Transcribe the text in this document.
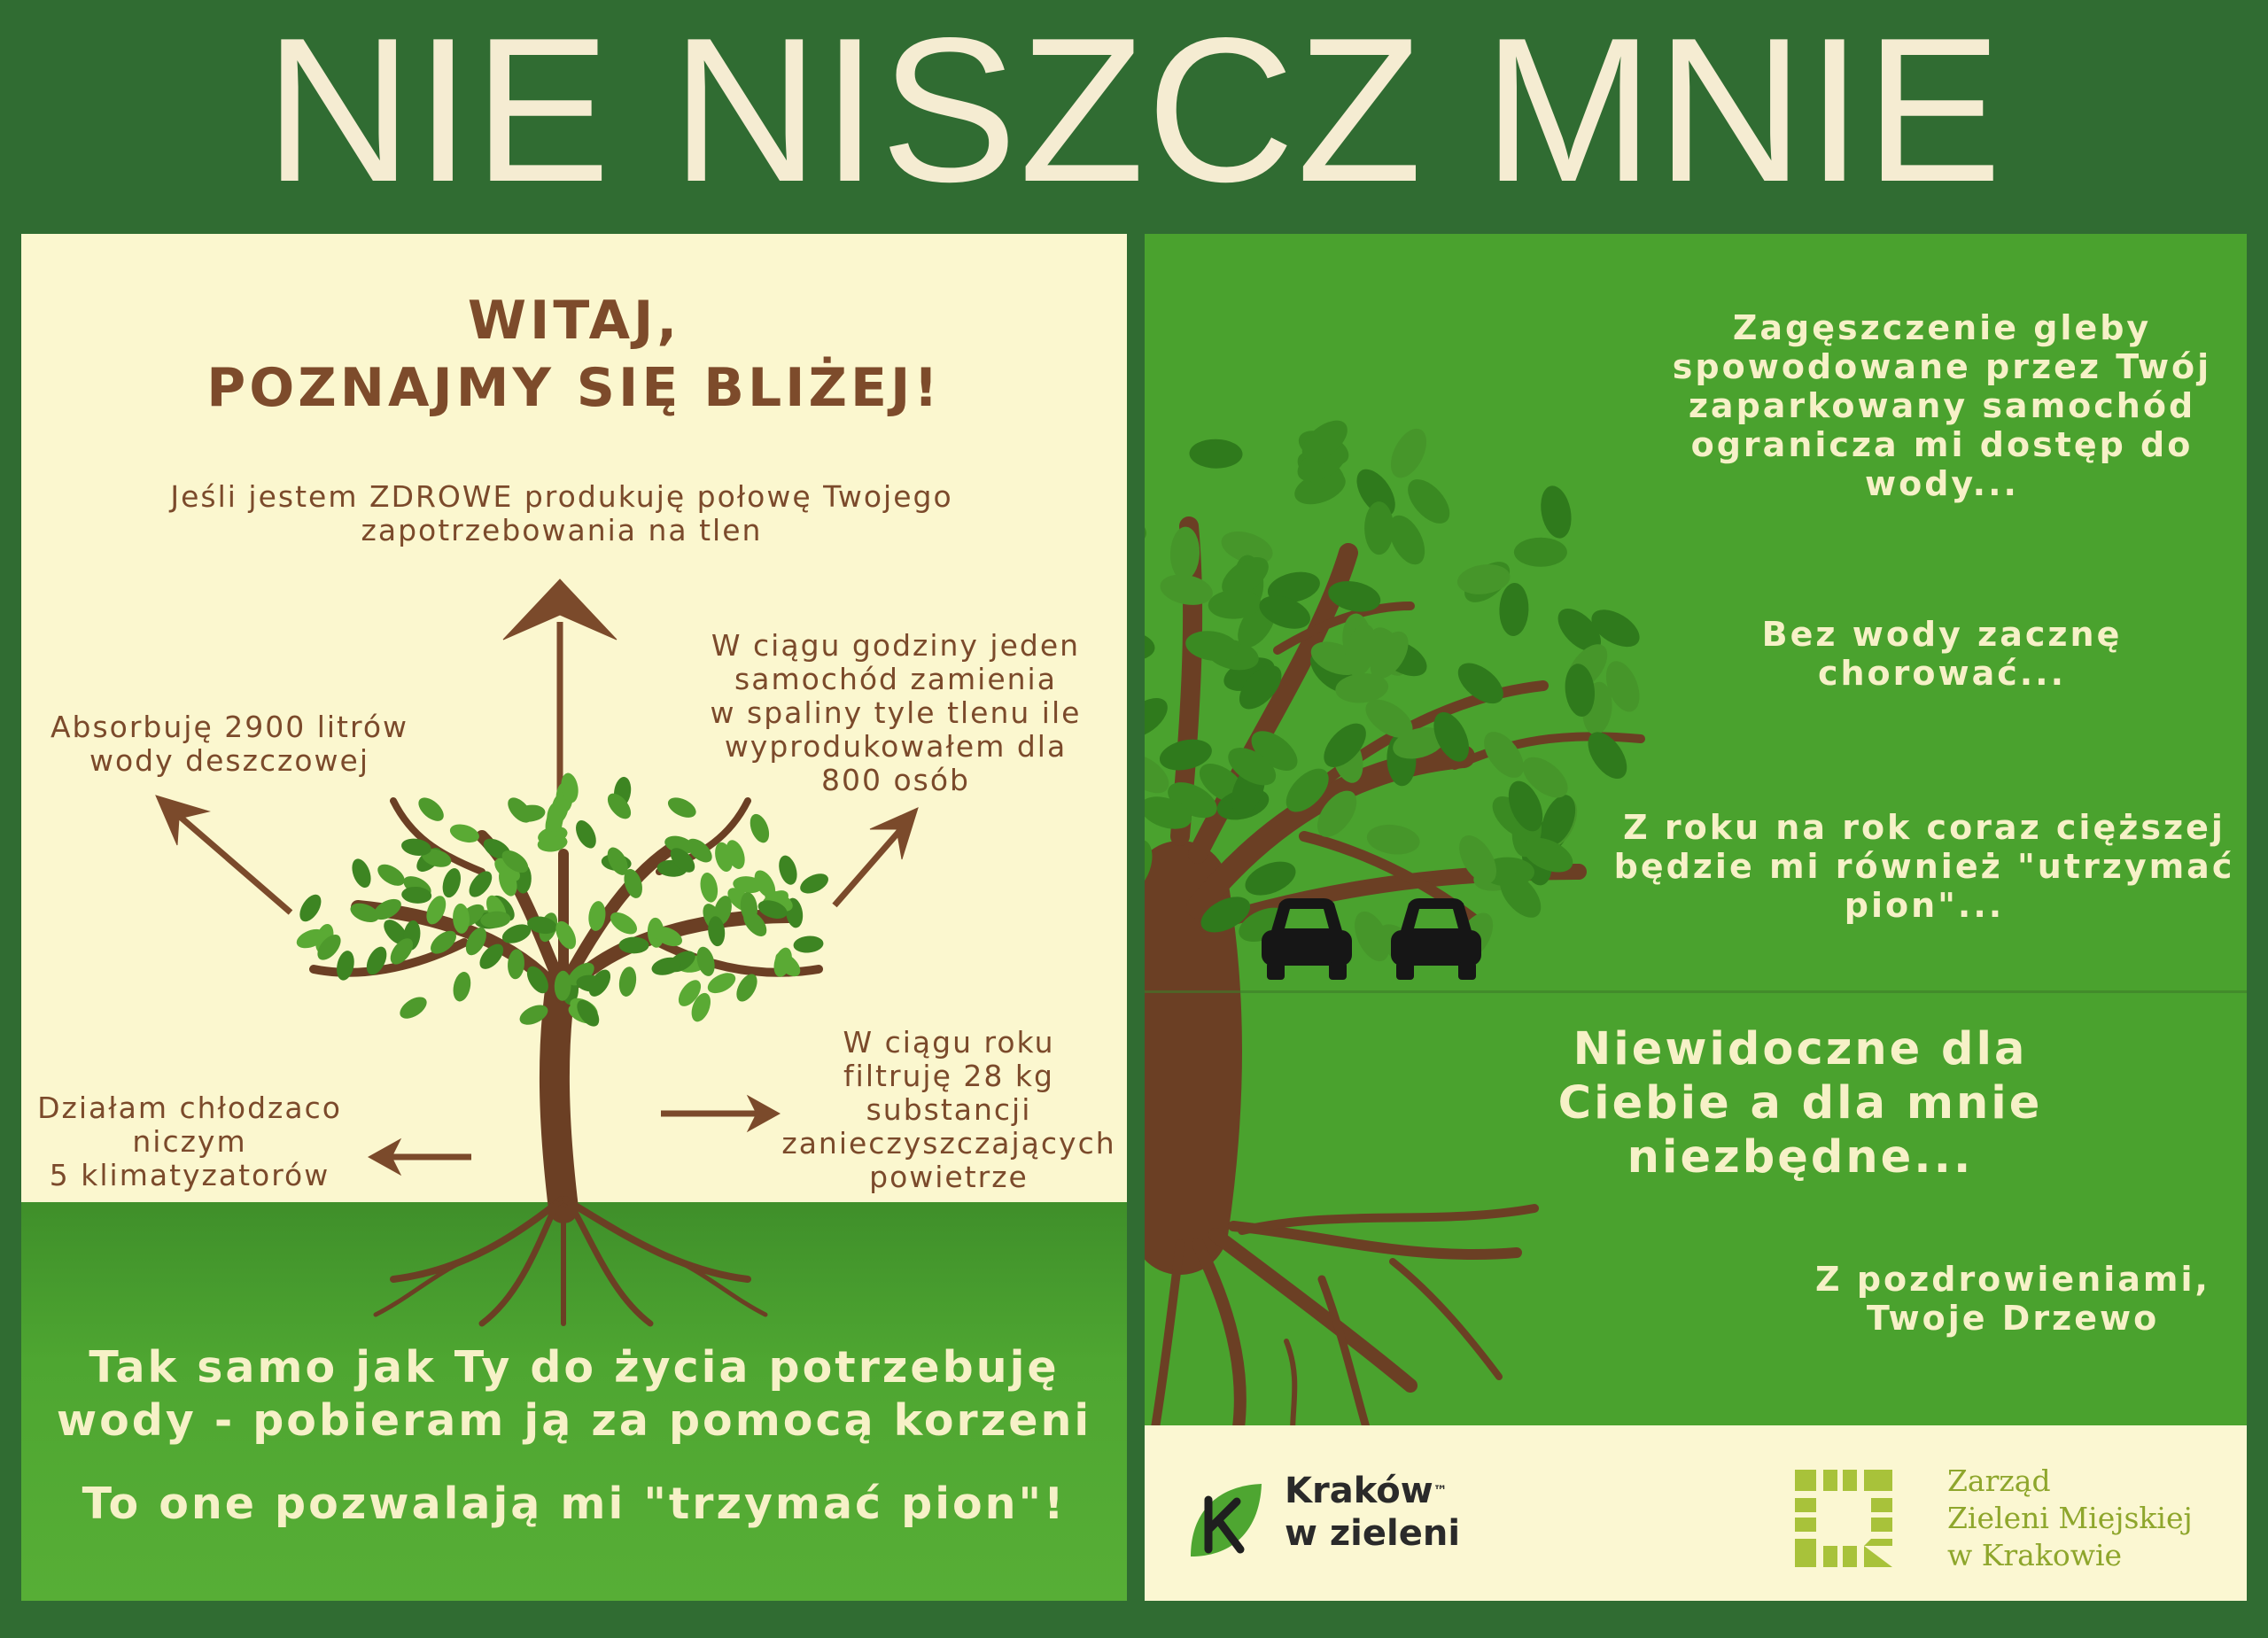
NIE NISZCZ MNIE

WITAJ,

POZNAJMY SIĘ BLIŻEJ!

Jeśli jestem ZDROWE produkuję połowę Twojego

zapotrzebowania na tlen

Absorbuję 2900 litrów

wody deszczowej

W ciągu godziny jeden

samochód zamienia

w spaliny tyle tlenu ile

wyprodukowałem dla

800 osób

Działam chłodzaco

niczym

5 klimatyzatorów

W ciągu roku

filtruję 28 kg

substancji

zanieczyszczających

powietrze

Tak samo jak Ty do życia potrzebuję

wody - pobieram ją za pomocą korzeni

To one pozwalają mi "trzymać pion"!

Zagęszczenie gleby

spowodowane przez Twój

zaparkowany samochód

ogranicza mi dostęp do

wody...

Bez wody zacznę

chorować...

Z roku na rok coraz cięższej

będzie mi również "utrzymać

pion"...

Niewidoczne dla

Ciebie a dla mnie

niezbędne...

Z pozdrowieniami,

Twoje Drzewo

Kraków™
w zieleni
Zarząd
Zieleni Miejskiej
w Krakowie
